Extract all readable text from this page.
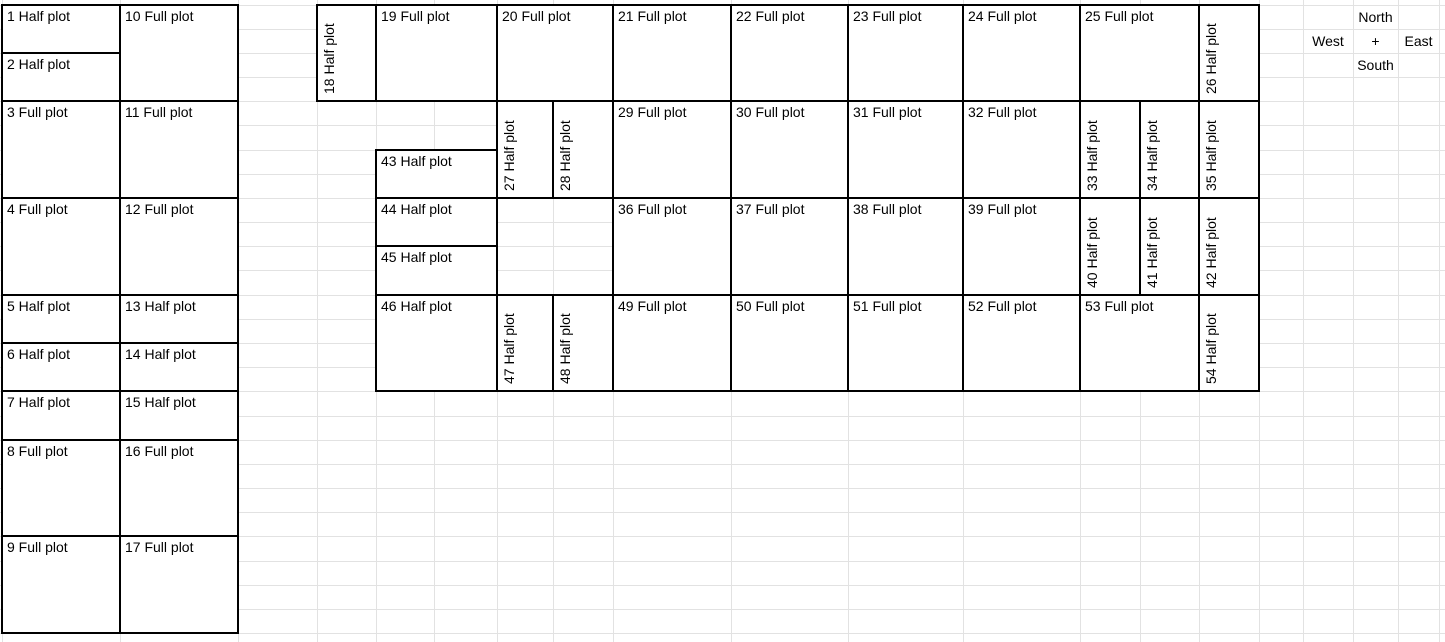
1 Half plot
2 Half plot
3 Full plot
4 Full plot
5 Half plot
6 Half plot
7 Half plot
8 Full plot
9 Full plot
10 Full plot
11 Full plot
12 Full plot
13 Half plot
14 Half plot
15 Half plot
16 Full plot
17 Full plot
18 Half plot
19 Full plot	20 Full plot	21 Full plot	22 Full plot	23 Full plot	24 Full plot	25 Full plot
26 Half plot
27 Half plot	28 Half plot
29 Full plot	30 Full plot	31 Full plot	32 Full plot
33 Half plot	34 Half plot	35 Half plot
36 Full plot	37 Full plot	38 Full plot	39 Full plot
40 Half plot	41 Half plot	42 Half plot
43 Half plot
44 Half plot
45 Half plot
46 Half plot
47 Half plot	48 Half plot
49 Full plot	50 Full plot	51 Full plot	52 Full plot	53 Full plot
54 Half plot
North
West	+	East
South
